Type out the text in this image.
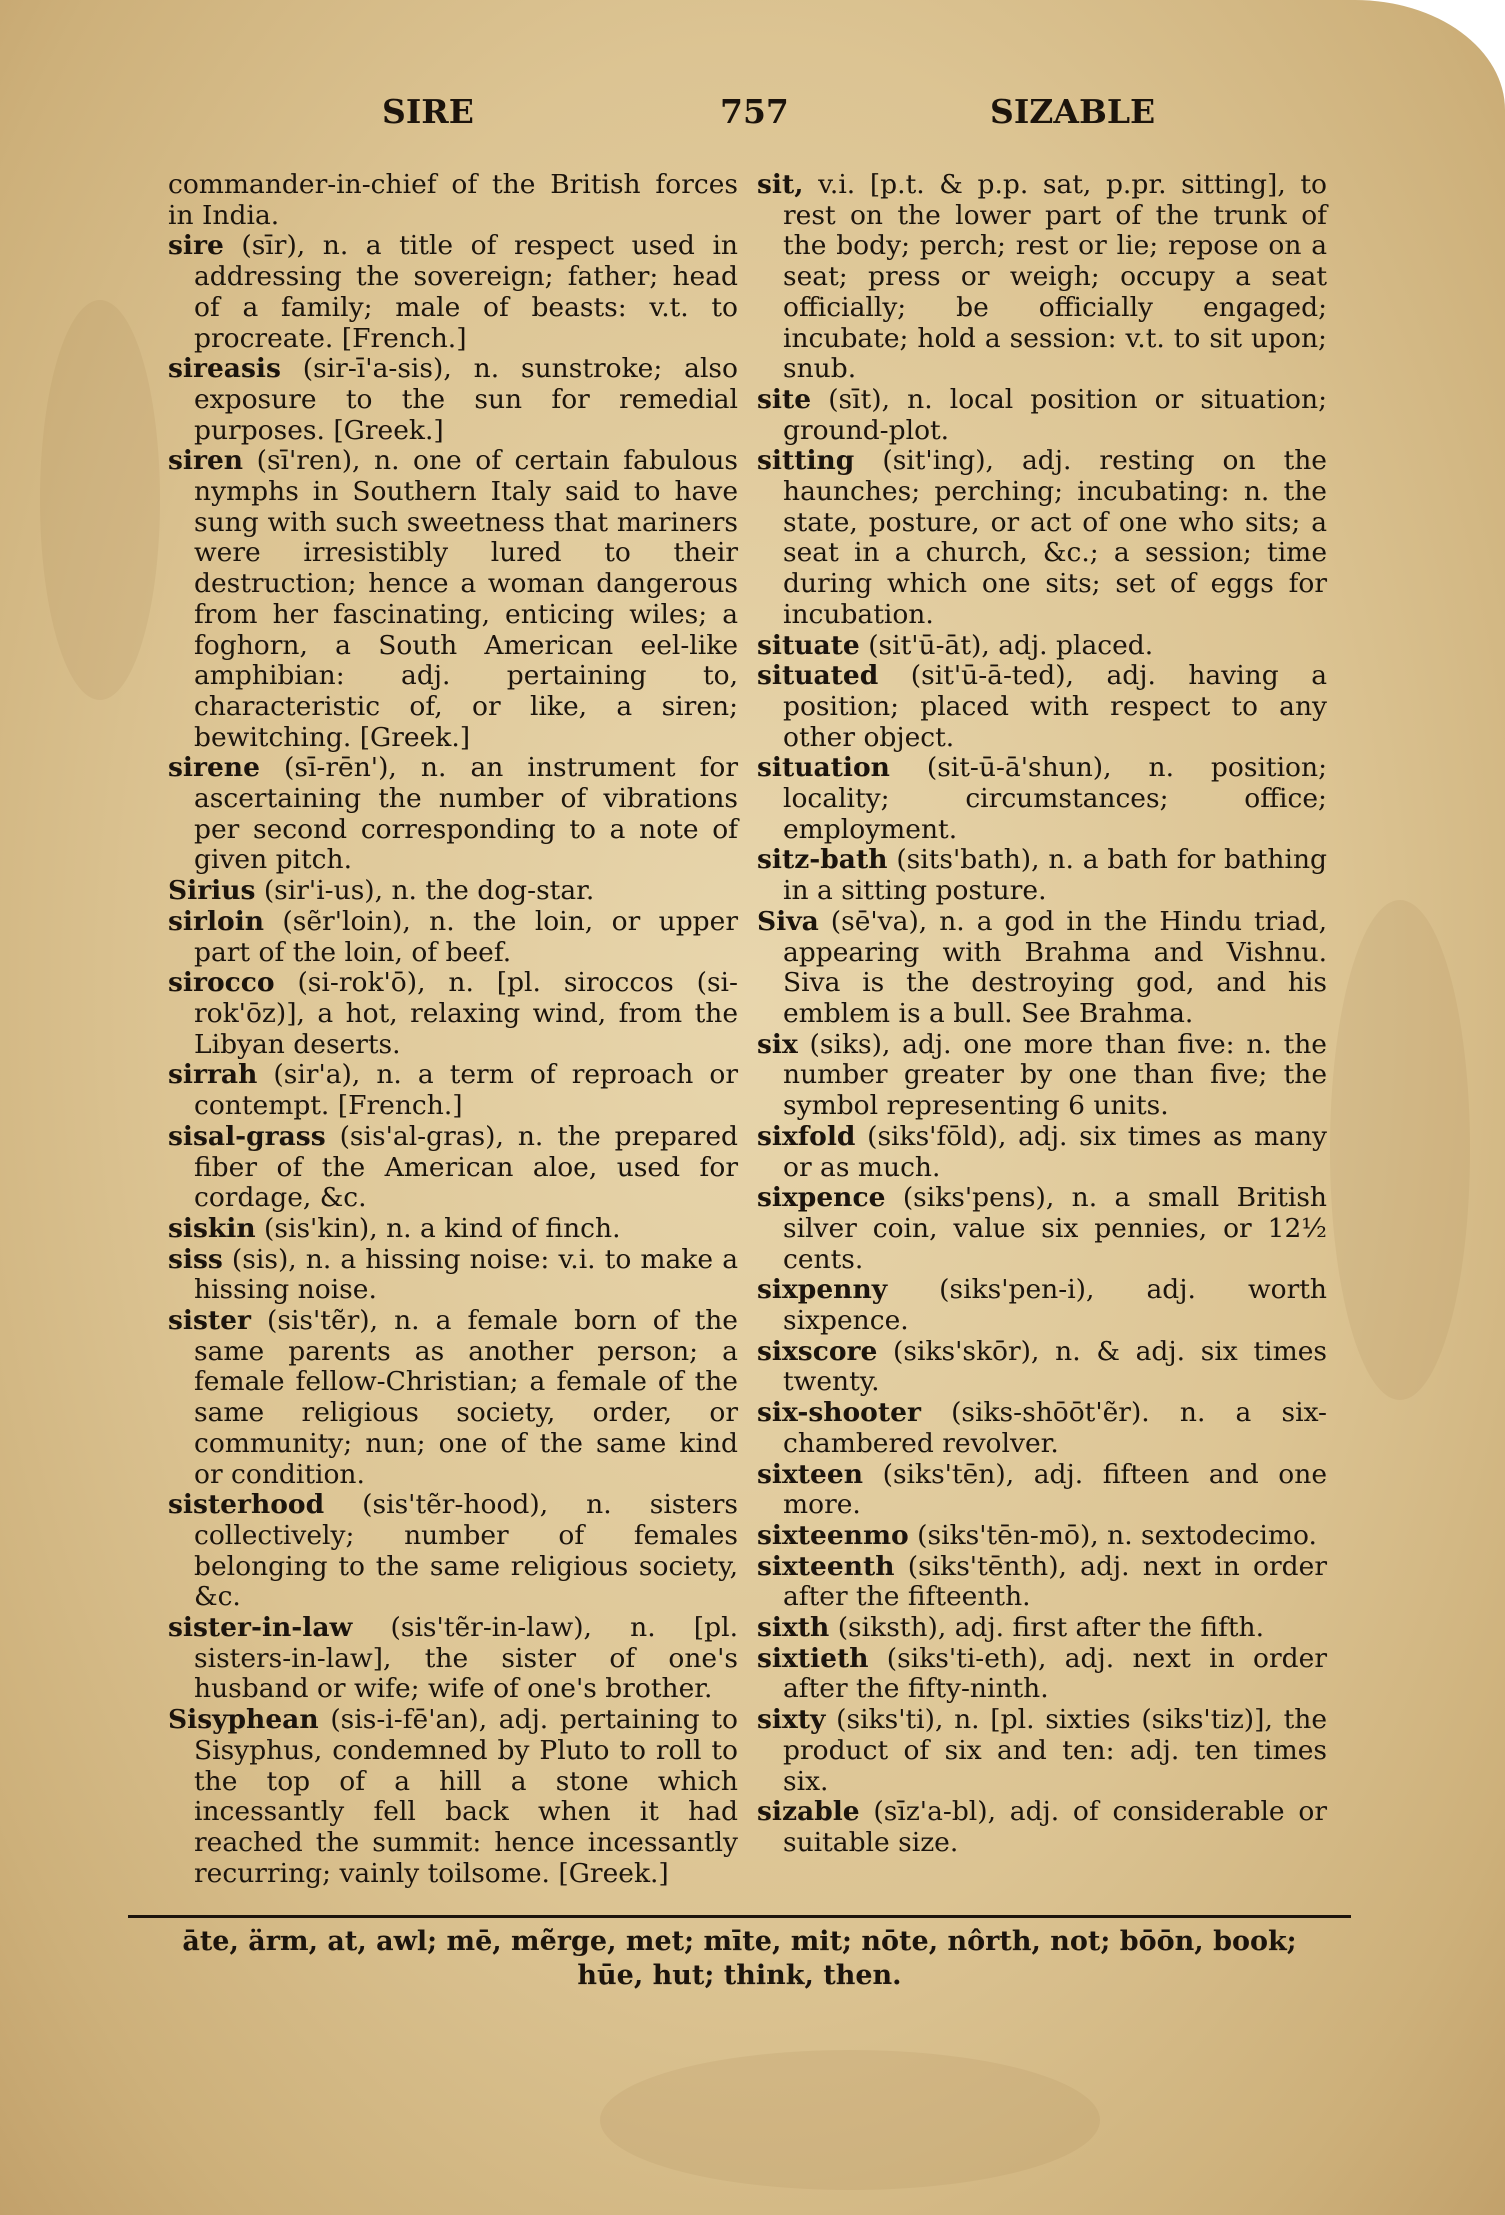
SIRE	757	SIZABLE

commander-in-chief of the British forces in India.

sire (sīr), n. a title of respect used in addressing the sovereign; father; head of a family; male of beasts: v.t. to procreate. [French.]

sireasis (sir-ī'a-sis), n. sunstroke; also exposure to the sun for remedial purposes. [Greek.]

siren (sī'ren), n. one of certain fabulous nymphs in Southern Italy said to have sung with such sweetness that mariners were irresistibly lured to their destruction; hence a woman dangerous from her fascinating, enticing wiles; a foghorn, a South American eel-like amphibian: adj. pertaining to, characteristic of, or like, a siren; bewitching. [Greek.]

sirene (sī-rēn'), n. an instrument for ascertaining the number of vibrations per second corresponding to a note of given pitch.

Sirius (sir'i-us), n. the dog-star.

sirloin (sẽr'loin), n. the loin, or upper part of the loin, of beef.

sirocco (si-rok'ō), n. [pl. siroccos (si-rok'ōz)], a hot, relaxing wind, from the Libyan deserts.

sirrah (sir'a), n. a term of reproach or contempt. [French.]

sisal-grass (sis'al-gras), n. the prepared fiber of the American aloe, used for cordage, &c.

siskin (sis'kin), n. a kind of finch.

siss (sis), n. a hissing noise: v.i. to make a hissing noise.

sister (sis'tẽr), n. a female born of the same parents as another person; a female fellow-Christian; a female of the same religious society, order, or community; nun; one of the same kind or condition.

sisterhood (sis'tẽr-hood), n. sisters collectively; number of females belonging to the same religious society, &c.

sister-in-law (sis'tẽr-in-law), n. [pl. sisters-in-law], the sister of one's husband or wife; wife of one's brother.

Sisyphean (sis-i-fē'an), adj. pertaining to Sisyphus, condemned by Pluto to roll to the top of a hill a stone which incessantly fell back when it had reached the summit: hence incessantly recurring; vainly toilsome. [Greek.]

sit, v.i. [p.t. & p.p. sat, p.pr. sitting], to rest on the lower part of the trunk of the body; perch; rest or lie; repose on a seat; press or weigh; occupy a seat officially; be officially engaged; incubate; hold a session: v.t. to sit upon; snub.

site (sīt), n. local position or situation; ground-plot.

sitting (sit'ing), adj. resting on the haunches; perching; incubating: n. the state, posture, or act of one who sits; a seat in a church, &c.; a session; time during which one sits; set of eggs for incubation.

situate (sit'ū-āt), adj. placed.

situated (sit'ū-ā-ted), adj. having a position; placed with respect to any other object.

situation (sit-ū-ā'shun), n. position; locality; circumstances; office; employment.

sitz-bath (sits'bath), n. a bath for bathing in a sitting posture.

Siva (sē'va), n. a god in the Hindu triad, appearing with Brahma and Vishnu. Siva is the destroying god, and his emblem is a bull. See Brahma.

six (siks), adj. one more than five: n. the number greater by one than five; the symbol representing 6 units.

sixfold (siks'fōld), adj. six times as many or as much.

sixpence (siks'pens), n. a small British silver coin, value six pennies, or 12½ cents.

sixpenny (siks'pen-i), adj. worth sixpence.

sixscore (siks'skōr), n. & adj. six times twenty.

six-shooter (siks-shōōt'ẽr). n. a six-chambered revolver.

sixteen (siks'tēn), adj. fifteen and one more.

sixteenmo (siks'tēn-mō), n. sextodecimo.

sixteenth (siks'tēnth), adj. next in order after the fifteenth.

sixth (siksth), adj. first after the fifth.

sixtieth (siks'ti-eth), adj. next in order after the fifty-ninth.

sixty (siks'ti), n. [pl. sixties (siks'tiz)], the product of six and ten: adj. ten times six.

sizable (sīz'a-bl), adj. of considerable or suitable size.

āte, ärm, at, awl; mē, mẽrge, met; mīte, mit; nōte, nôrth, not; bōōn, book;
hūe, hut; think, then.
